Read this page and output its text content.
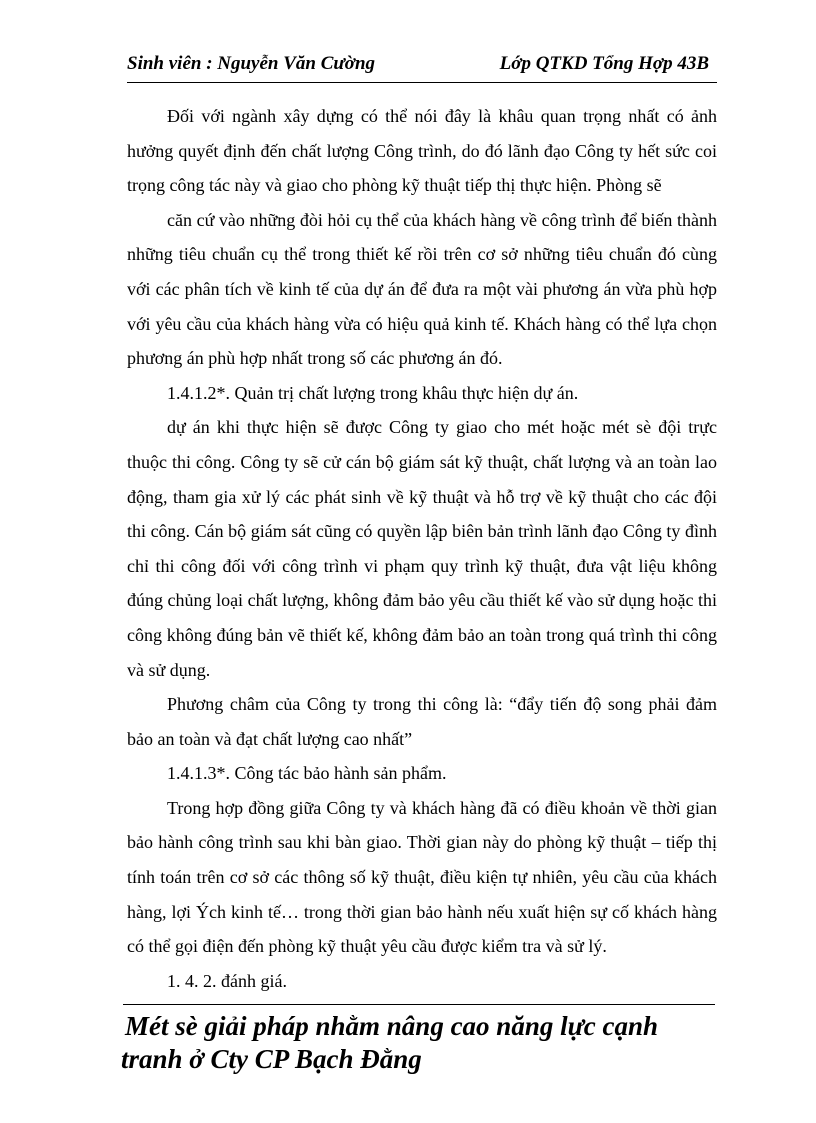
Sinh viên : Nguyễn Văn Cường	Lớp QTKD Tổng Hợp 43B

Đối với ngành xây dựng có thể nói đây là khâu quan trọng nhất có ảnh hưởng quyết định đến chất lượng Công trình, do đó lãnh đạo Công ty hết sức coi trọng công tác này và giao cho phòng kỹ thuật tiếp thị thực hiện. Phòng sẽ

căn cứ vào những đòi hỏi cụ thể của khách hàng về công trình để biến thành những tiêu chuẩn cụ thể trong thiết kế rồi trên cơ sở những tiêu chuẩn đó cùng với các phân tích về kinh tế của dự án để đưa ra một vài phương án vừa phù hợp với yêu cầu của khách hàng vừa có hiệu quả kinh tế. Khách hàng có thể lựa chọn phương án phù hợp nhất trong số các phương án đó.

1.4.1.2*. Quản trị chất lượng trong khâu thực hiện dự án.

dự án khi thực hiện sẽ được Công ty giao cho mét hoặc mét sè đội trực thuộc thi công. Công ty sẽ cử cán bộ giám sát kỹ thuật, chất lượng và an toàn lao động, tham gia xử lý các phát sinh về kỹ thuật và hỗ trợ về kỹ thuật cho các đội thi công. Cán bộ giám sát cũng có quyền lập biên bản trình lãnh đạo Công ty đình chỉ thi công đối với công trình vi phạm quy trình kỹ thuật, đưa vật liệu không đúng chủng loại chất lượng, không đảm bảo yêu cầu thiết kế vào sử dụng hoặc thi công không đúng bản vẽ thiết kế, không đảm bảo an toàn trong quá trình thi công và sử dụng.

Phương châm của Công ty trong thi công là: “đẩy tiến độ song phải đảm bảo an toàn và đạt chất lượng cao nhất”

1.4.1.3*. Công tác bảo hành sản phẩm.

Trong hợp đồng giữa Công ty và khách hàng đã có điều khoản về thời gian bảo hành công trình sau khi bàn giao. Thời gian này do phòng kỹ thuật – tiếp thị tính toán trên cơ sở các thông số kỹ thuật, điều kiện tự nhiên, yêu cầu của khách hàng, lợi Ých kinh tế… trong thời gian bảo hành nếu xuất hiện sự cố khách hàng có thể gọi điện đến phòng kỹ thuật yêu cầu được kiểm tra và sử lý.

1. 4. 2. đánh giá.

Mét sè giải pháp nhằm nâng cao năng lực cạnh
tranh ở Cty CP Bạch Đằng
